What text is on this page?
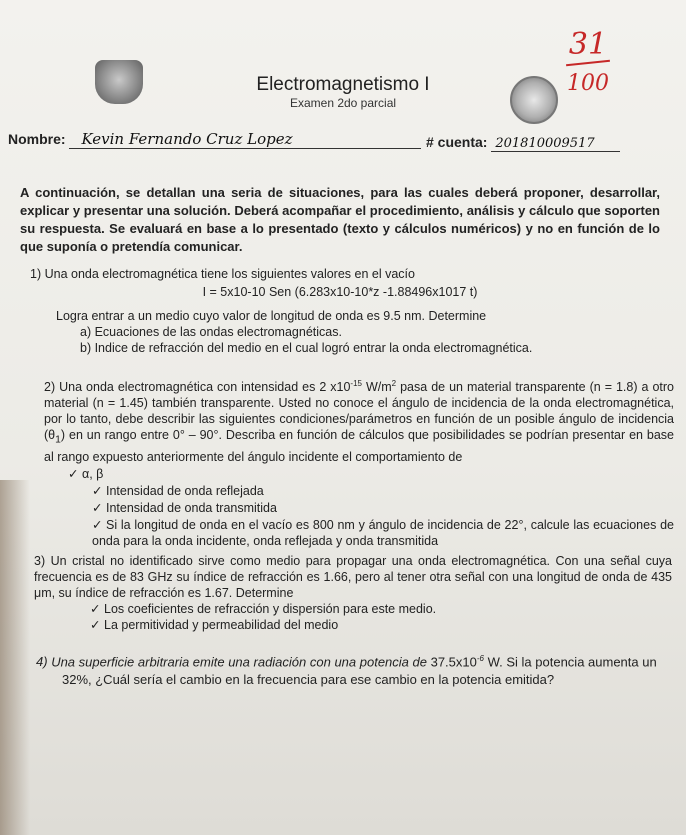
Electromagnetismo I
Examen 2do parcial
31
100
Nombre: Kevin Fernando Cruz Lopez	# cuenta: 201810009517
A continuación, se detallan una seria de situaciones, para las cuales deberá proponer, desarrollar, explicar y presentar una solución. Deberá acompañar el procedimiento, análisis y cálculo que soporten su respuesta. Se evaluará en base a lo presentado (texto y cálculos numéricos) y no en función de lo que suponía o pretendía comunicar.
1) Una onda electromagnética tiene los siguientes valores en el vacío
I = 5x10-10 Sen (6.283x10-10*z -1.88496x1017 t)
Logra entrar a un medio cuyo valor de longitud de onda es 9.5 nm. Determine
a) Ecuaciones de las ondas electromagnéticas.
b) Indice de refracción del medio en el cual logró entrar la onda electromagnética.
2) Una onda electromagnética con intensidad es 2 $x10^{-15}$ $W/m^2$ pasa de un material transparente (n = 1.8) a otro material (n = 1.45) también transparente. Usted no conoce el ángulo de incidencia de la onda electromagnética, por lo tanto, debe describir las siguientes condiciones/parámetros en función de un posible ángulo de incidencia $(\theta_1)$ en un rango entre 0° – 90°. Describa en función de cálculos que posibilidades se podrían presentar en base al rango expuesto anteriormente del ángulo incidente el comportamiento de
✓ α, β
✓ Intensidad de onda reflejada
✓ Intensidad de onda transmitida
✓ Si la longitud de onda en el vacío es 800 nm y ángulo de incidencia de 22°, calcule las ecuaciones de onda para la onda incidente, onda reflejada y onda transmitida
3) Un cristal no identificado sirve como medio para propagar una onda electromagnética. Con una señal cuya frecuencia es de 83 GHz su índice de refracción es 1.66, pero al tener otra señal con una longitud de onda de 435 μm, su índice de refracción es 1.67. Determine
✓ Los coeficientes de refracción y dispersión para este medio.
✓ La permitividad y permeabilidad del medio
4) Una superficie arbitraria emite una radiación con una potencia de $37.5x10^{-6}$ W. Si la potencia aumenta un 32%, ¿Cuál sería el cambio en la frecuencia para ese cambio en la potencia emitida?
